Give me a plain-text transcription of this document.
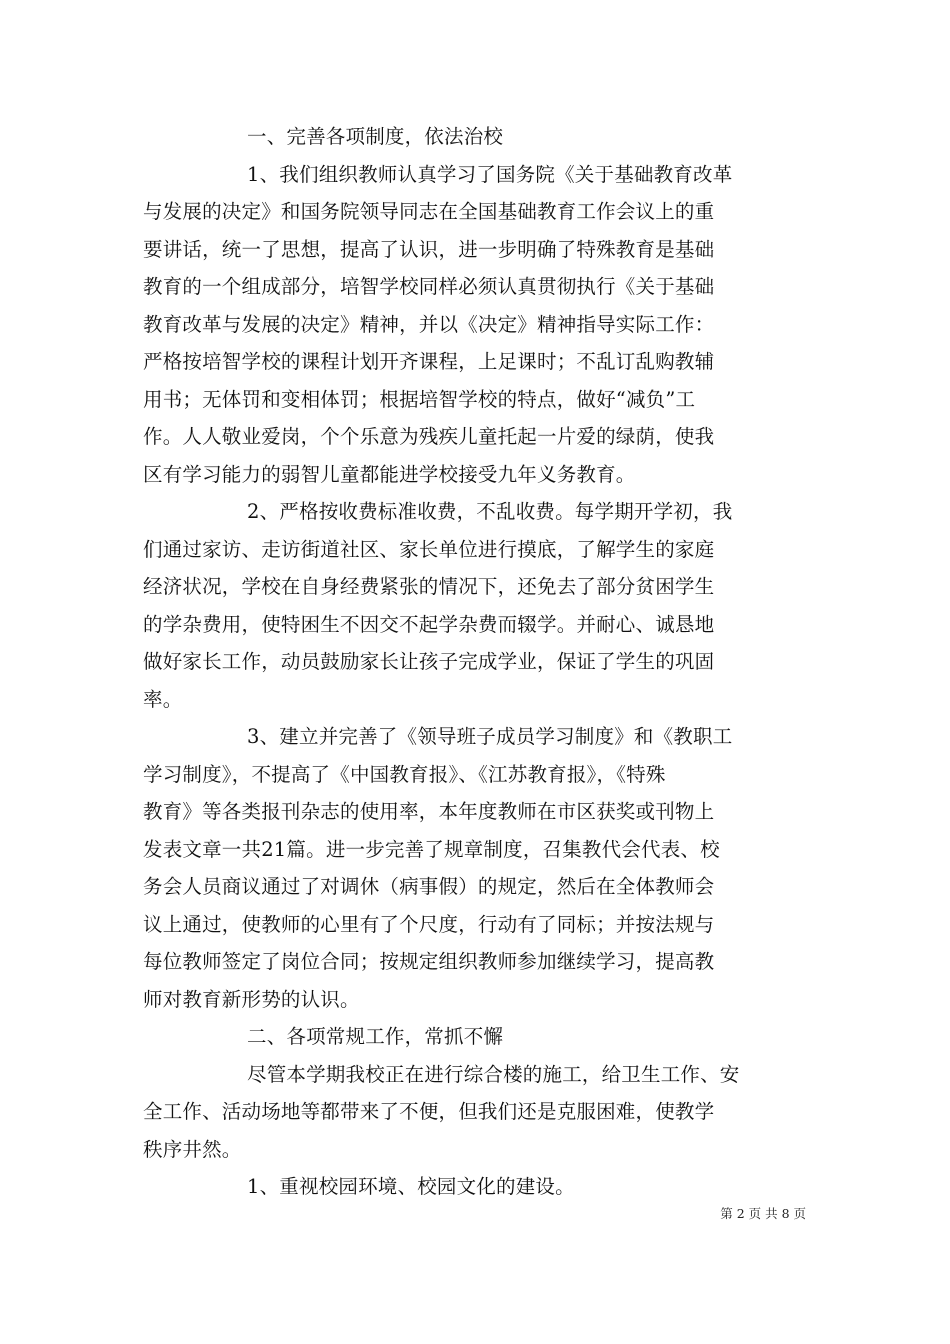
一、完善各项制度，依法治校
1、我们组织教师认真学习了国务院《关于基础教育改革
与发展的决定》和国务院领导同志在全国基础教育工作会议上的重
要讲话，统一了思想，提高了认识，进一步明确了特殊教育是基础
教育的一个组成部分，培智学校同样必须认真贯彻执行《关于基础
教育改革与发展的决定》精神，并以《决定》精神指导实际工作：
严格按培智学校的课程计划开齐课程，上足课时；不乱订乱购教辅
用书；无体罚和变相体罚；根据培智学校的特点，做好“减负”工
作。人人敬业爱岗，个个乐意为残疾儿童托起一片爱的绿荫，使我
区有学习能力的弱智儿童都能进学校接受九年义务教育。
2、严格按收费标准收费，不乱收费。每学期开学初，我
们通过家访、走访街道社区、家长单位进行摸底，了解学生的家庭
经济状况，学校在自身经费紧张的情况下，还免去了部分贫困学生
的学杂费用，使特困生不因交不起学杂费而辍学。并耐心、诚恳地
做好家长工作，动员鼓励家长让孩子完成学业，保证了学生的巩固
率。
3、建立并完善了《领导班子成员学习制度》和《教职工
学习制度》，不提高了《中国教育报》、《江苏教育报》，《特殊
教育》等各类报刊杂志的使用率，本年度教师在市区获奖或刊物上
发表文章一共21篇。进一步完善了规章制度，召集教代会代表、校
务会人员商议通过了对调休（病事假）的规定，然后在全体教师会
议上通过，使教师的心里有了个尺度，行动有了同标；并按法规与
每位教师签定了岗位合同；按规定组织教师参加继续学习，提高教
师对教育新形势的认识。
二、各项常规工作，常抓不懈
尽管本学期我校正在进行综合楼的施工，给卫生工作、安
全工作、活动场地等都带来了不便，但我们还是克服困难，使教学
秩序井然。
1、重视校园环境、校园文化的建设。
第 2 页 共 8 页
